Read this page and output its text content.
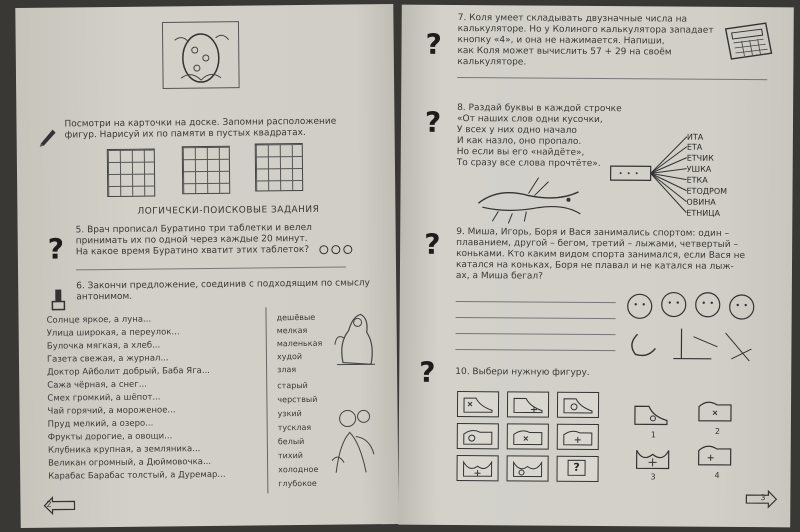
Посмотри на карточки на доске. Запомни расположение
фигур. Нарисуй их по памяти в пустых квадратах.
ЛОГИЧЕСКИ-ПОИСКОВЫЕ ЗАДАНИЯ
?
5. Врач прописал Буратино три таблетки и велел
принимать их по одной через каждые 20 минут.
На какое время Буратино хватит этих таблеток?
6. Закончи предложение, соединив с подходящим по смыслу
антонимом.
Солнце яркое, а луна...
Улица широкая, а переулок...
Булочка мягкая, а хлеб...
Газета свежая, а журнал...
Доктор Айболит добрый, Баба Яга...
Сажа чёрная, а снег...
Смех громкий, а шёпот...
Чай горячий, а мороженое...
Пруд мелкий, а озеро...
Фрукты дорогие, а овощи...
Клубника крупная, а земляника...
Великан огромный, а Дюймовочка...
Карабас Барабас толстый, а Дуремар...
дешёвые
мелкая
маленькая
худой
злая
старый
черствый
узкий
тусклая
белый
тихий
холодное
глубокое
2
?
7. Коля умеет складывать двузначные числа на
калькуляторе. Но у Колиного калькулятора западает
кнопку «4», и она не нажимается. Напиши,
как Коля может вычислить 57 + 29 на своём
калькуляторе.
? 8. Раздай буквы в каждой строчке
«От наших слов одни кусочки,
У всех у них одно начало
И как назло, оно пропало.
Но если вы его «найдёте»,
То сразу все слова прочтёте».
ИТА
ЕТА
ЕТЧИК
УШКА
ЕТКА
ЕТОДРОМ
ОВИНА
ЕТНИЦА
? 9. Миша, Игорь, Боря и Вася занимались спортом: один –
плаванием, другой – бегом, третий – лыжами, четвертый –
коньками. Кто каким видом спорта занимался, если Вася не
катался на коньках, Боря не плавал и не катался на лыж-
ах, а Миша бегал?
? 10. Выбери нужную фигуру.
?
1	2
3	4
3
